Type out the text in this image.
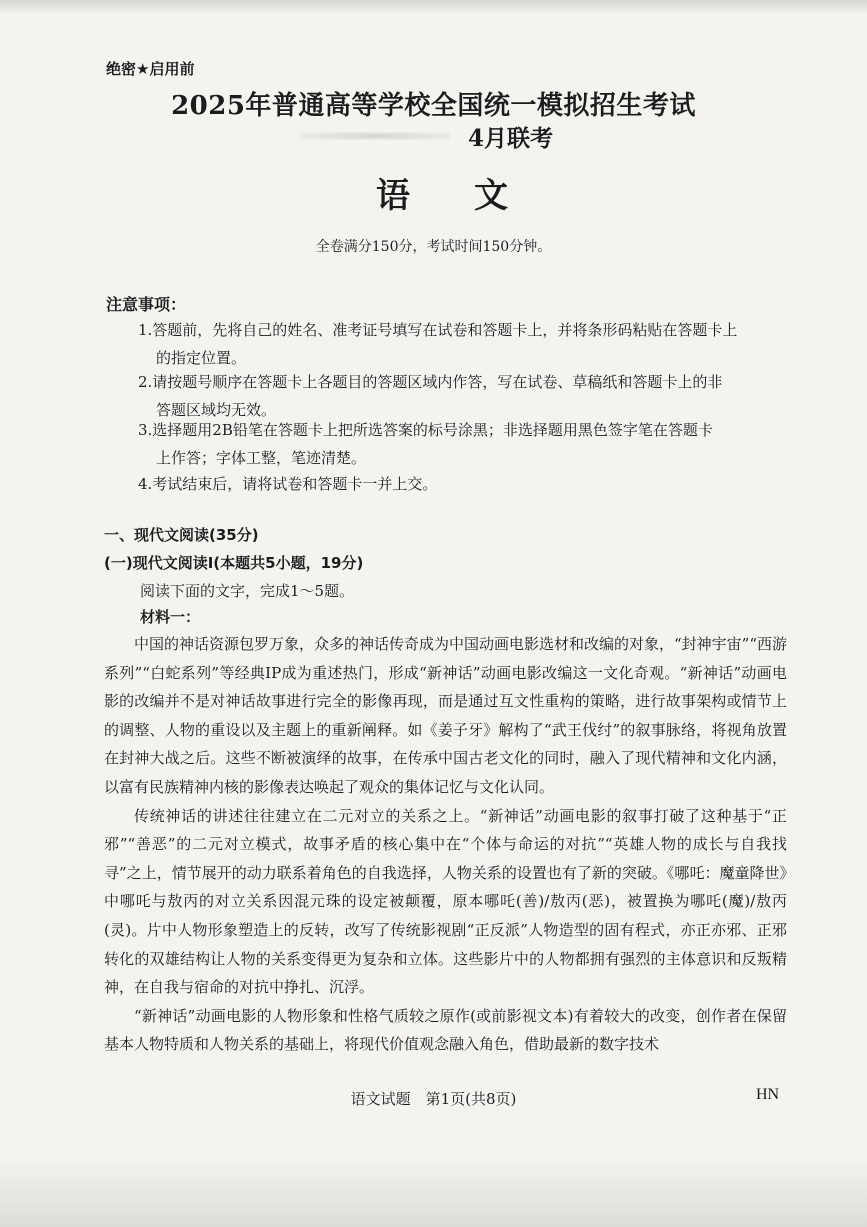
绝密★启用前
2025年普通高等学校全国统一模拟招生考试
4月联考
语文
全卷满分150分，考试时间150分钟。
注意事项：
1.答题前，先将自己的姓名、准考证号填写在试卷和答题卡上，并将条形码粘贴在答题卡上
的指定位置。
2.请按题号顺序在答题卡上各题目的答题区域内作答，写在试卷、草稿纸和答题卡上的非
答题区域均无效。
3.选择题用2B铅笔在答题卡上把所选答案的标号涂黑；非选择题用黑色签字笔在答题卡
上作答；字体工整，笔迹清楚。
4.考试结束后，请将试卷和答题卡一并上交。
一、现代文阅读(35分)
(一)现代文阅读Ⅰ(本题共5小题，19分)
阅读下面的文字，完成1～5题。
材料一：

中国的神话资源包罗万象，众多的神话传奇成为中国动画电影选材和改编的对象，“封神宇宙”“西游系列”“白蛇系列”等经典IP成为重述热门，形成“新神话”动画电影改编这一文化奇观。“新神话”动画电影的改编并不是对神话故事进行完全的影像再现，而是通过互文性重构的策略，进行故事架构或情节上的调整、人物的重设以及主题上的重新阐释。如《姜子牙》解构了“武王伐纣”的叙事脉络，将视角放置在封神大战之后。这些不断被演绎的故事，在传承中国古老文化的同时，融入了现代精神和文化内涵，以富有民族精神内核的影像表达唤起了观众的集体记忆与文化认同。

传统神话的讲述往往建立在二元对立的关系之上。“新神话”动画电影的叙事打破了这种基于“正邪”“善恶”的二元对立模式，故事矛盾的核心集中在“个体与命运的对抗”“英雄人物的成长与自我找寻”之上，情节展开的动力联系着角色的自我选择，人物关系的设置也有了新的突破。《哪吒：魔童降世》中哪吒与敖丙的对立关系因混元珠的设定被颠覆，原本哪吒(善)/敖丙(恶)，被置换为哪吒(魔)/敖丙(灵)。片中人物形象塑造上的反转，改写了传统影视剧“正反派”人物造型的固有程式，亦正亦邪、正邪转化的双雄结构让人物的关系变得更为复杂和立体。这些影片中的人物都拥有强烈的主体意识和反叛精神，在自我与宿命的对抗中挣扎、沉浮。

“新神话”动画电影的人物形象和性格气质较之原作(或前影视文本)有着较大的改变，创作者在保留基本人物特质和人物关系的基础上，将现代价值观念融入角色，借助最新的数字技术

语文试题　第1页(共8页)	HN
